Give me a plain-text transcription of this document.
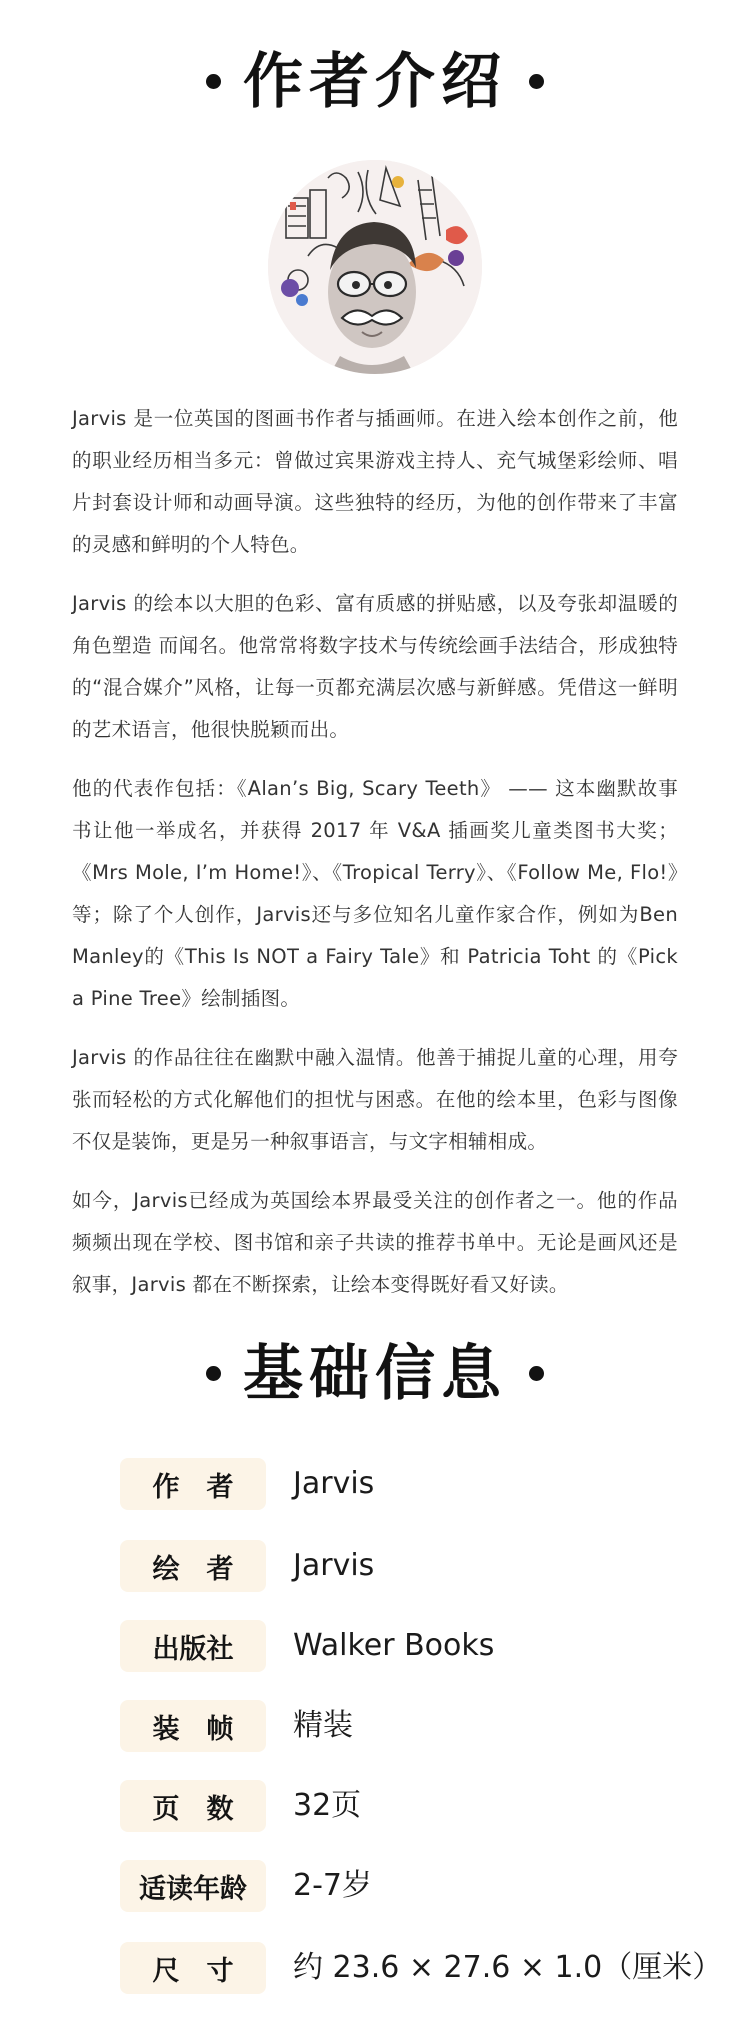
作者介绍

Jarvis 是一位英国的图画书作者与插画师。在进入绘本创作之前，他的职业经历相当多元：曾做过宾果游戏主持人、充气城堡彩绘师、唱片封套设计师和动画导演。这些独特的经历，为他的创作带来了丰富的灵感和鲜明的个人特色。

Jarvis 的绘本以大胆的色彩、富有质感的拼贴感，以及夸张却温暖的角色塑造 而闻名。他常常将数字技术与传统绘画手法结合，形成独特的“混合媒介”风格，让每一页都充满层次感与新鲜感。凭借这一鲜明的艺术语言，他很快脱颖而出。

他的代表作包括：《Alan’s Big, Scary Teeth》 —— 这本幽默故事书让他一举成名，并获得 2017 年 V&A 插画奖儿童类图书大奖；《Mrs Mole, I’m Home!》、《Tropical Terry》、《Follow Me, Flo!》等；除了个人创作，Jarvis还与多位知名儿童作家合作，例如为Ben Manley的《This Is NOT a Fairy Tale》和 Patricia Toht 的《Pick a Pine Tree》绘制插图。

Jarvis 的作品往往在幽默中融入温情。他善于捕捉儿童的心理，用夸张而轻松的方式化解他们的担忧与困惑。在他的绘本里，色彩与图像不仅是装饰，更是另一种叙事语言，与文字相辅相成。

如今，Jarvis已经成为英国绘本界最受关注的创作者之一。他的作品频频出现在学校、图书馆和亲子共读的推荐书单中。无论是画风还是叙事，Jarvis 都在不断探索，让绘本变得既好看又好读。

基础信息
作　者	Jarvis
绘　者	Jarvis
出版社	Walker Books
装　帧	精装
页　数	32页
适读年龄	2-7岁
尺　寸	约 23.6 × 27.6 × 1.0（厘米）
